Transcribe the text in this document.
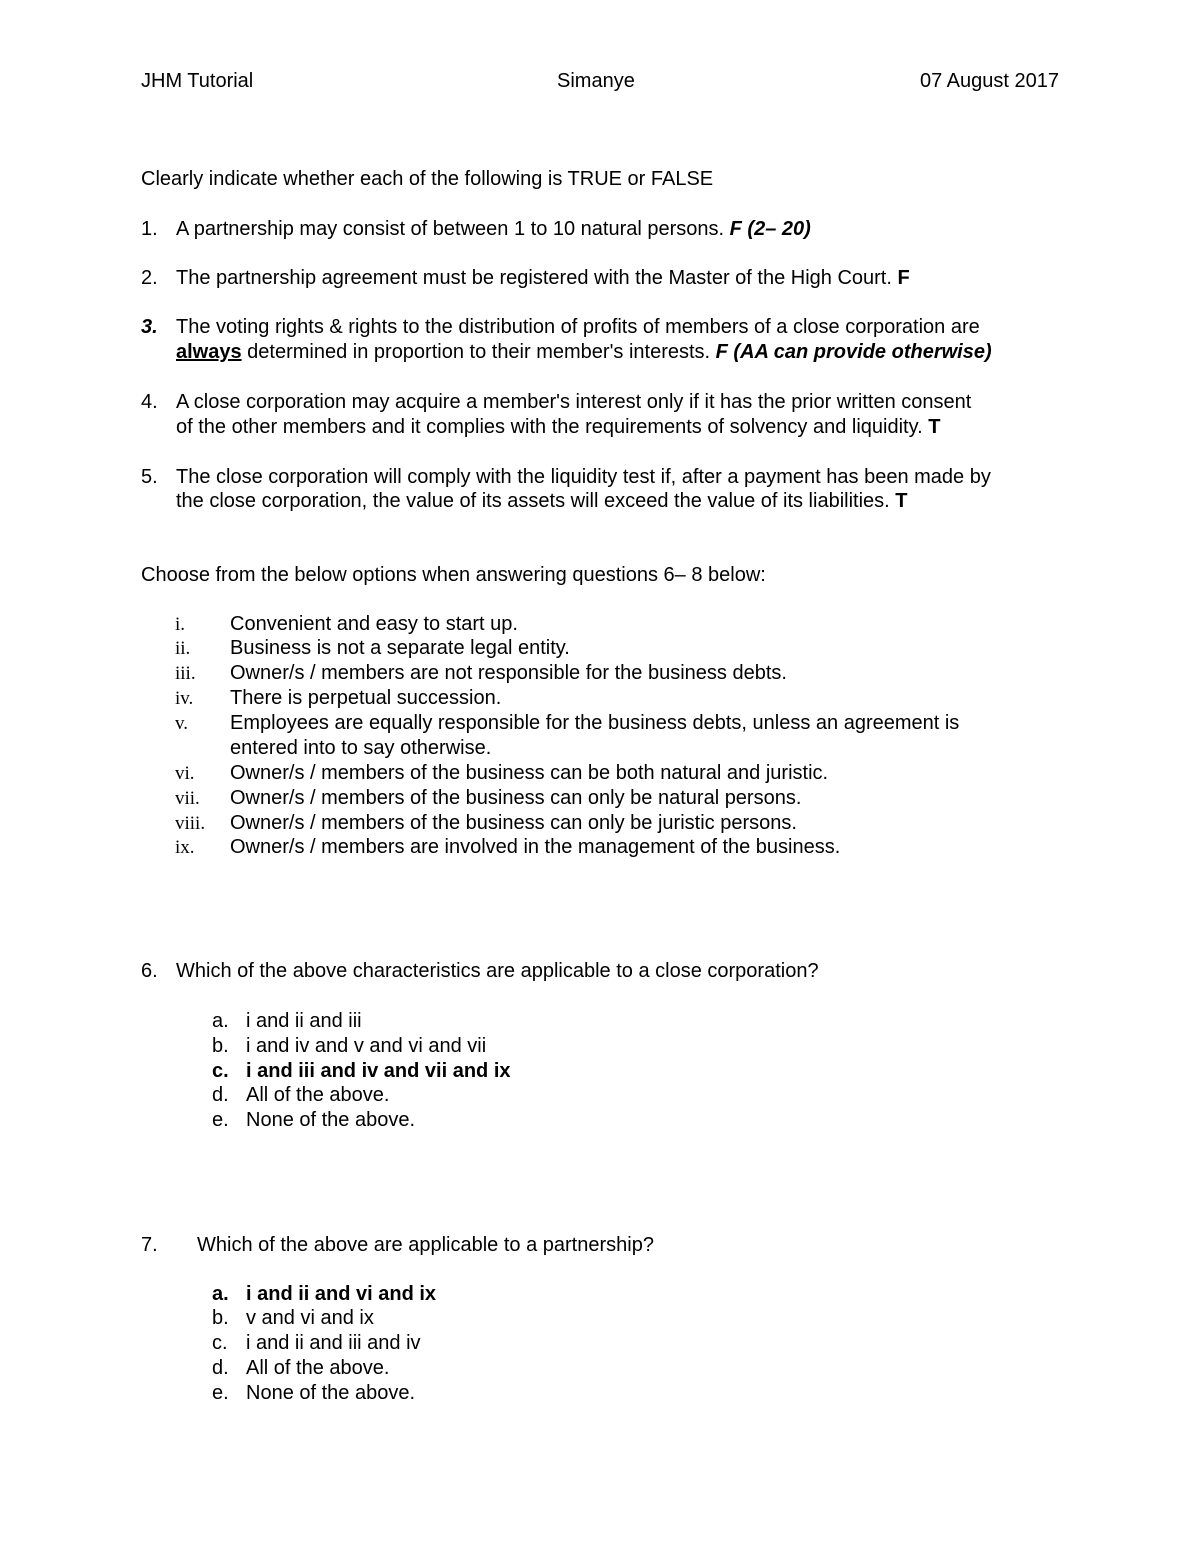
JHM Tutorial	Simanye	07 August 2017
Clearly indicate whether each of the following is TRUE or FALSE
1. A partnership may consist of between 1 to 10 natural persons. F (2– 20)
2. The partnership agreement must be registered with the Master of the High Court. F
3. The voting rights & rights to the distribution of profits of members of a close corporation are
always determined in proportion to their member's interests. F (AA can provide otherwise)
4. A close corporation may acquire a member's interest only if it has the prior written consent
of the other members and it complies with the requirements of solvency and liquidity. T
5. The close corporation will comply with the liquidity test if, after a payment has been made by
the close corporation, the value of its assets will exceed the value of its liabilities. T
Choose from the below options when answering questions 6– 8 below:
i. Convenient and easy to start up.
ii. Business is not a separate legal entity.
iii. Owner/s / members are not responsible for the business debts.
iv. There is perpetual succession.
v. Employees are equally responsible for the business debts, unless an agreement is
entered into to say otherwise.
vi. Owner/s / members of the business can be both natural and juristic.
vii. Owner/s / members of the business can only be natural persons.
viii. Owner/s / members of the business can only be juristic persons.
ix. Owner/s / members are involved in the management of the business.
6. Which of the above characteristics are applicable to a close corporation?
a. i and ii and iii
b. i and iv and v and vi and vii
c. i and iii and iv and vii and ix
d. All of the above.
e. None of the above.
7. Which of the above are applicable to a partnership?
a. i and ii and vi and ix
b. v and vi and ix
c. i and ii and iii and iv
d. All of the above.
e. None of the above.
